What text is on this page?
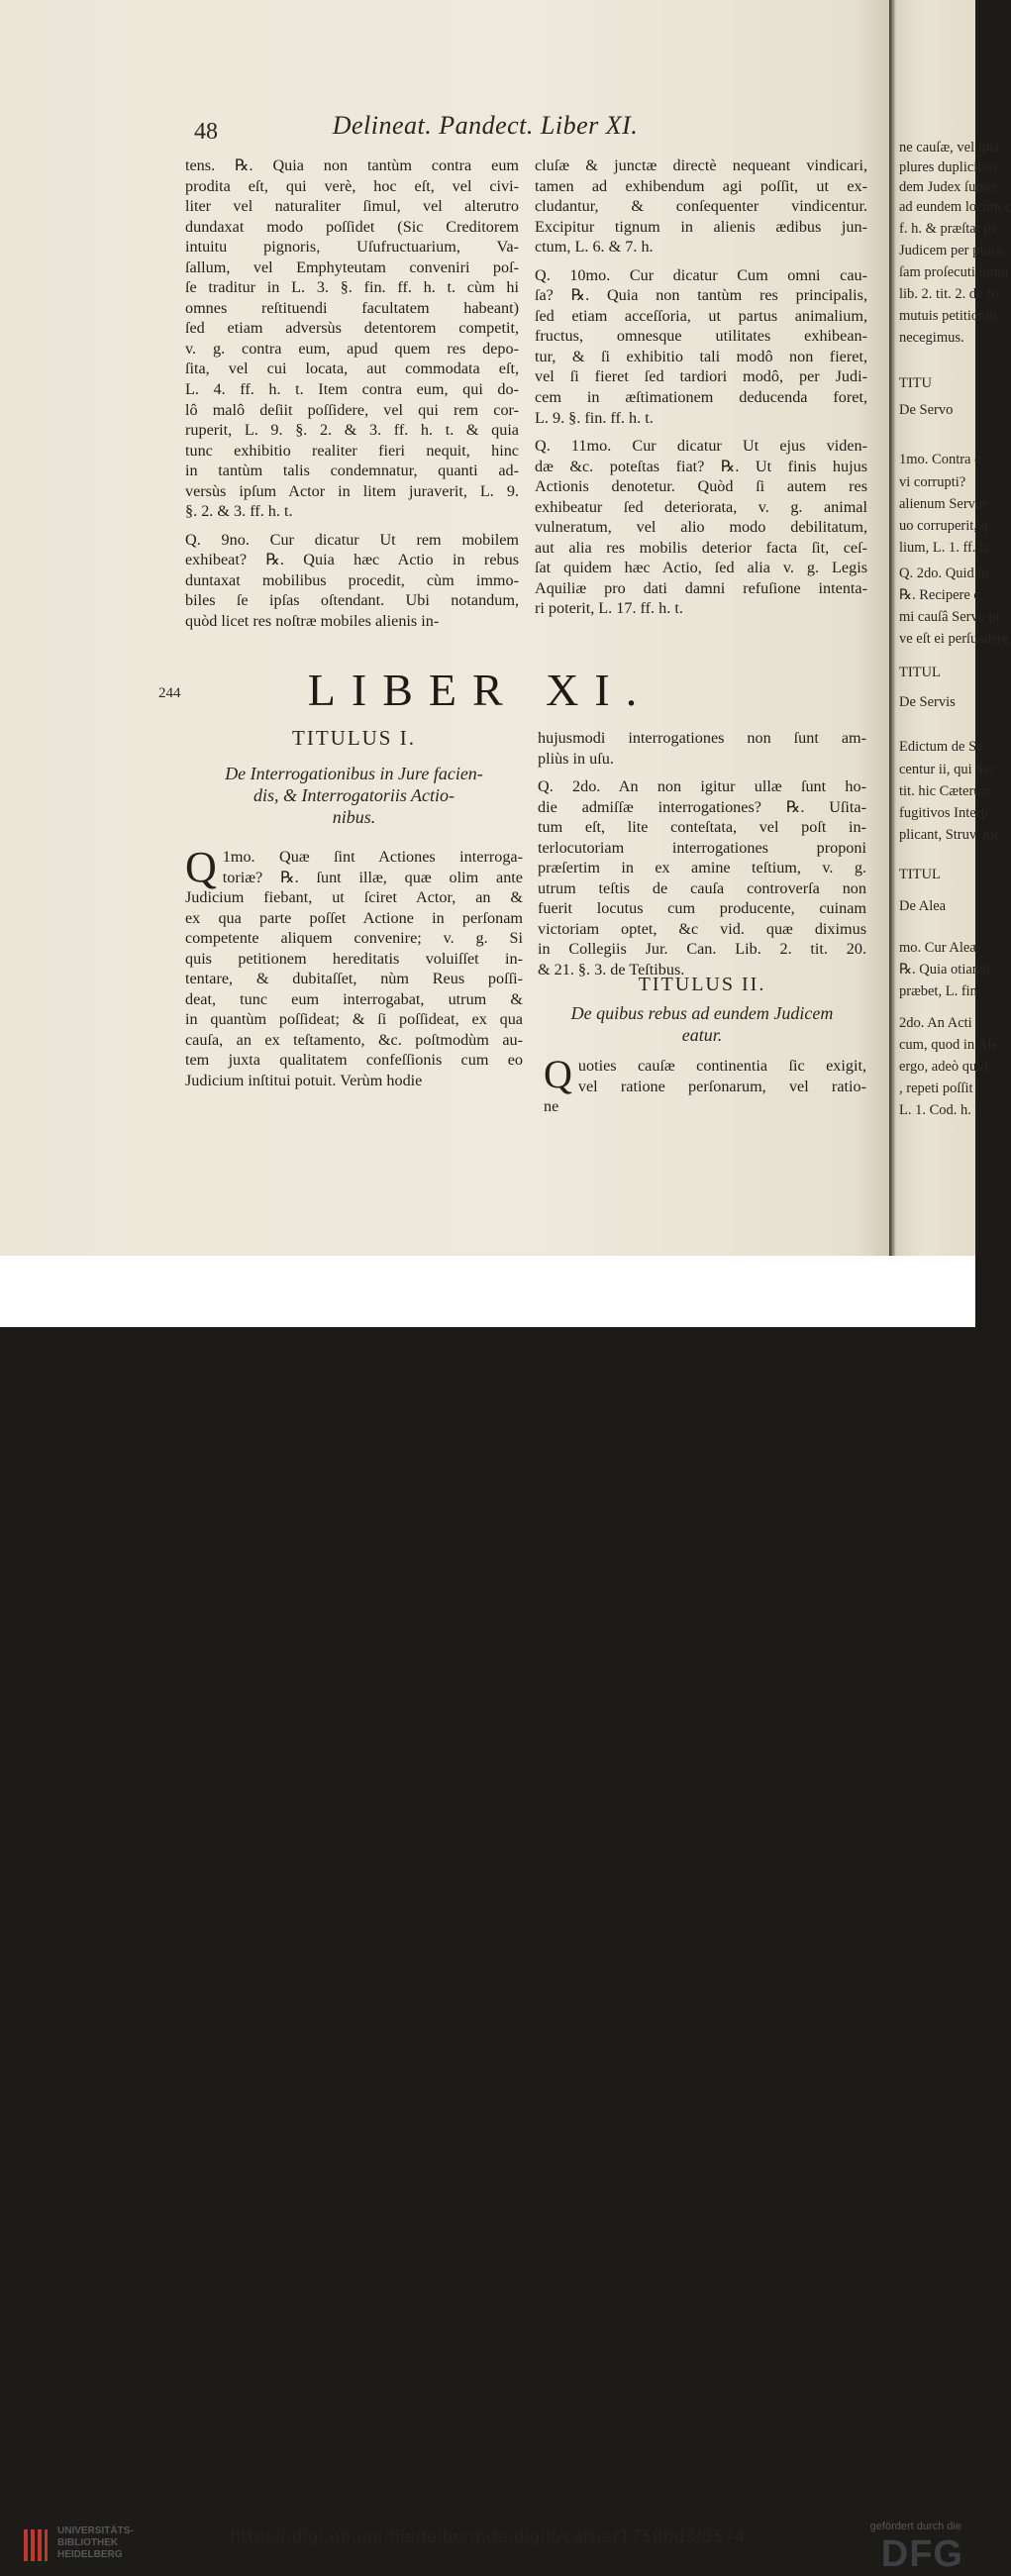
48	Delineat. Pandect. Liber XI.

tens. ℞. Quia non tantùm contra eum

prodita eſt, qui verè, hoc eſt, vel civi-

liter vel naturaliter ſimul, vel alterutro

dundaxat modo poſſidet (Sic Creditorem

intuitu pignoris, Uſufructuarium, Va-

ſallum, vel Emphyteutam conveniri poſ-

ſe traditur in L. 3. §. fin. ff. h. t. cùm hi

omnes reſtituendi facultatem habeant)

ſed etiam adversùs detentorem competit,

v. g. contra eum, apud quem res depo-

ſita, vel cui locata, aut commodata eſt,

L. 4. ff. h. t. Item contra eum, qui do-

lô malô deſiit poſſidere, vel qui rem cor-

ruperit, L. 9. §. 2. & 3. ff. h. t. & quia

tunc exhibitio realiter fieri nequit, hinc

in tantùm talis condemnatur, quanti ad-

versùs ipſum Actor in litem juraverit, L. 9.

§. 2. & 3. ff. h. t.

Q. 9no. Cur dicatur Ut rem mobilem

exhibeat? ℞. Quia hæc Actio in rebus

duntaxat mobilibus procedit, cùm immo-

biles ſe ipſas oſtendant. Ubi notandum,

quòd licet res noſtræ mobiles alienis in-

cluſæ & junctæ directè nequeant vindicari,

tamen ad exhibendum agi poſſit, ut ex-

cludantur, & conſequenter vindicentur.

Excipitur tignum in alienis ædibus jun-

ctum, L. 6. & 7. h.

Q. 10mo. Cur dicatur Cum omni cau-

ſa? ℞. Quia non tantùm res principalis,

ſed etiam acceſſoria, ut partus animalium,

fructus, omnesque utilitates exhibean-

tur, & ſi exhibitio tali modô non fieret,

vel ſi fieret ſed tardiori modô, per Judi-

cem in æſtimationem deducenda foret,

L. 9. §. fin. ff. h. t.

Q. 11mo. Cur dicatur Ut ejus viden-

dæ &c. poteſtas fiat? ℞. Ut finis hujus

Actionis denotetur. Quòd ſi autem res

exhibeatur ſed deteriorata, v. g. animal

vulneratum, vel alio modo debilitatum,

aut alia res mobilis deterior facta ſit, ceſ-

ſat quidem hæc Actio, ſed alia v. g. Legis

Aquiliæ pro dati damni refuſione intenta-

ri poterit, L. 17. ff. h. t.

244	LIBER XI.
TITULUS I.
De Interrogationibus in Jure facien-
dis, & Interrogatoriis Actio-
nibus.
Q 1mo. Quæ ſint Actiones interroga-

toriæ? ℞. ſunt illæ, quæ olim ante

Judicium fiebant, ut ſciret Actor, an &

ex qua parte poſſet Actione in perſonam

competente aliquem convenire; v. g. Si

quis petitionem hereditatis voluiſſet in-

tentare, & dubitaſſet, nùm Reus poſſi-

deat, tunc eum interrogabat, utrum &

in quantùm poſſideat; & ſi poſſideat, ex qua

cauſa, an ex teſtamento, &c. poſtmodùm au-

tem juxta qualitatem confeſſionis cum eo

Judicium inſtitui potuit. Verùm hodie

hujusmodi interrogationes non ſunt am-

pliùs in uſu.

Q. 2do. An non igitur ullæ ſunt ho-

die admiſſæ interrogationes? ℞. Uſita-

tum eſt, lite conteſtata, vel poſt in-

terlocutoriam interrogationes proponi

præſertim in ex amine teſtium, v. g.

utrum teſtis de cauſa controverſa non

fuerit locutus cum producente, cuinam

victoriam optet, &c vid. quæ diximus

in Collegiis Jur. Can. Lib. 2. tit. 20.

& 21. §. 3. de Teſtibus.

TITULUS II.
De quibus rebus ad eundem Judicem
eatur.
Q uoties cauſæ continentia ſic exigit,

vel ratione perſonarum, vel ratio-

ne

ne cauſæ, vel ipſa
plures duplicibus
dem Judex ſumer
ad eundem locum c
f. h. & præſtat pe
Judicem per plura.
ſam proſecuti ſumu
lib. 2. tit. 2. de fo
mutuis petitionib
necegimus.
TITU
De Servo
1mo. Contra c
vi corrupti?
alienum Servur
uo corruperit, q
lium, L. 1. ff. h.
Q. 2do. Quid ſit
℞. Recipere c
mi cauſâ Servo pr
ve eſt ei perſuadere
TITUL
De Servis
Edictum de Se
centur ii, qui Ser
tit. hic Cæterùm
fugitivos Interp
plicant, Struv. hic
TITUL
De Alea
mo. Cur Aleæ
℞. Quia otiandi
præbet, L. fin
2do. An Acti
cum, quod in Ale
ergo, adeò quid
, repeti poſſit
L. 1. Cod. h. l
UNIVERSITÄTS-
BIBLIOTHEK
HEIDELBERG
https://digi.ub.uni-heidelberg.de/diglit/cartier1758bd3/0574
gefördert durch die
DFG
